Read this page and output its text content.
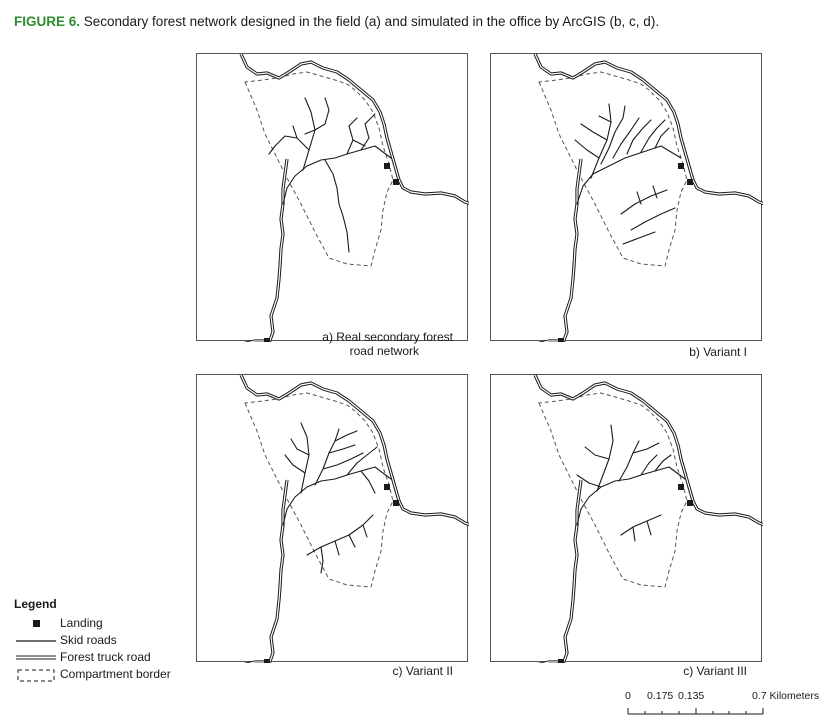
FIGURE 6. Secondary forest network designed in the field (a) and simulated in the office by ArcGIS (b, c, d).
a) Real secondary forest
road network	b) Variant I
c) Variant II	c) Variant III
Legend
Landing
Skid roads
Forest truck road
Compartment border
0 0.175 0.135	0.7 Kilometers
